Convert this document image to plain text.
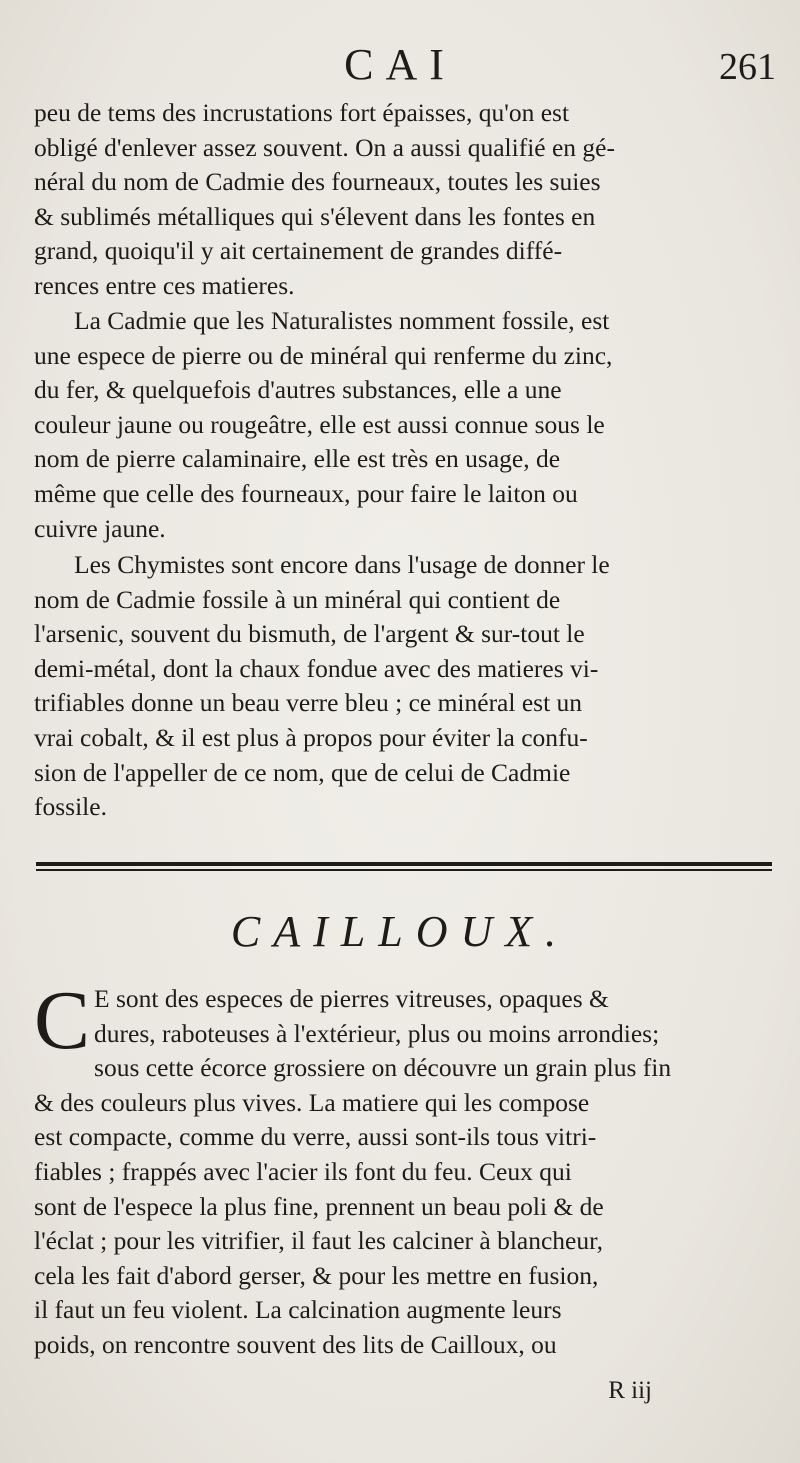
CAI	261

peu de tems des incrustations fort épaisses, qu'on est

obligé d'enlever assez souvent. On a aussi qualifié en gé-

néral du nom de Cadmie des fourneaux, toutes les suies

& sublimés métalliques qui s'élevent dans les fontes en

grand, quoiqu'il y ait certainement de grandes diffé-

rences entre ces matieres.

La Cadmie que les Naturalistes nomment fossile, est

une espece de pierre ou de minéral qui renferme du zinc,

du fer, & quelquefois d'autres substances, elle a une

couleur jaune ou rougeâtre, elle est aussi connue sous le

nom de pierre calaminaire, elle est très en usage, de

même que celle des fourneaux, pour faire le laiton ou

cuivre jaune.

Les Chymistes sont encore dans l'usage de donner le

nom de Cadmie fossile à un minéral qui contient de

l'arsenic, souvent du bismuth, de l'argent & sur-tout le

demi-métal, dont la chaux fondue avec des matieres vi-

trifiables donne un beau verre bleu ; ce minéral est un

vrai cobalt, & il est plus à propos pour éviter la confu-

sion de l'appeller de ce nom, que de celui de Cadmie

fossile.

CAILLOUX.
C E sont des especes de pierres vitreuses, opaques &

dures, raboteuses à l'extérieur, plus ou moins arrondies;

sous cette écorce grossiere on découvre un grain plus fin

& des couleurs plus vives. La matiere qui les compose

est compacte, comme du verre, aussi sont-ils tous vitri-

fiables ; frappés avec l'acier ils font du feu. Ceux qui

sont de l'espece la plus fine, prennent un beau poli & de

l'éclat ; pour les vitrifier, il faut les calciner à blancheur,

cela les fait d'abord gerser, & pour les mettre en fusion,

il faut un feu violent. La calcination augmente leurs

poids, on rencontre souvent des lits de Cailloux, ou

R iij
